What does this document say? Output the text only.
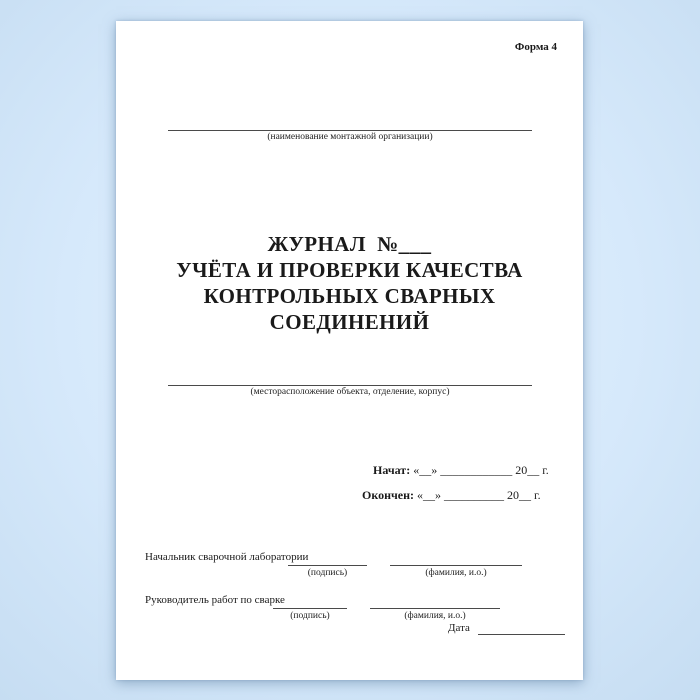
Форма 4
(наименование монтажной организации)
ЖУРНАЛ  №___
УЧЁТА И ПРОВЕРКИ КАЧЕСТВА
КОНТРОЛЬНЫХ СВАРНЫХ
СОЕДИНЕНИЙ
(месторасположение объекта, отделение, корпус)
Начат: «__» ____________ 20__ г.
Окончен: «__» __________ 20__ г.
Начальник сварочной лаборатории
(подпись)	(фамилия, и.о.)
Руководитель работ по сварке
(подпись)	(фамилия, и.о.)
Дата
